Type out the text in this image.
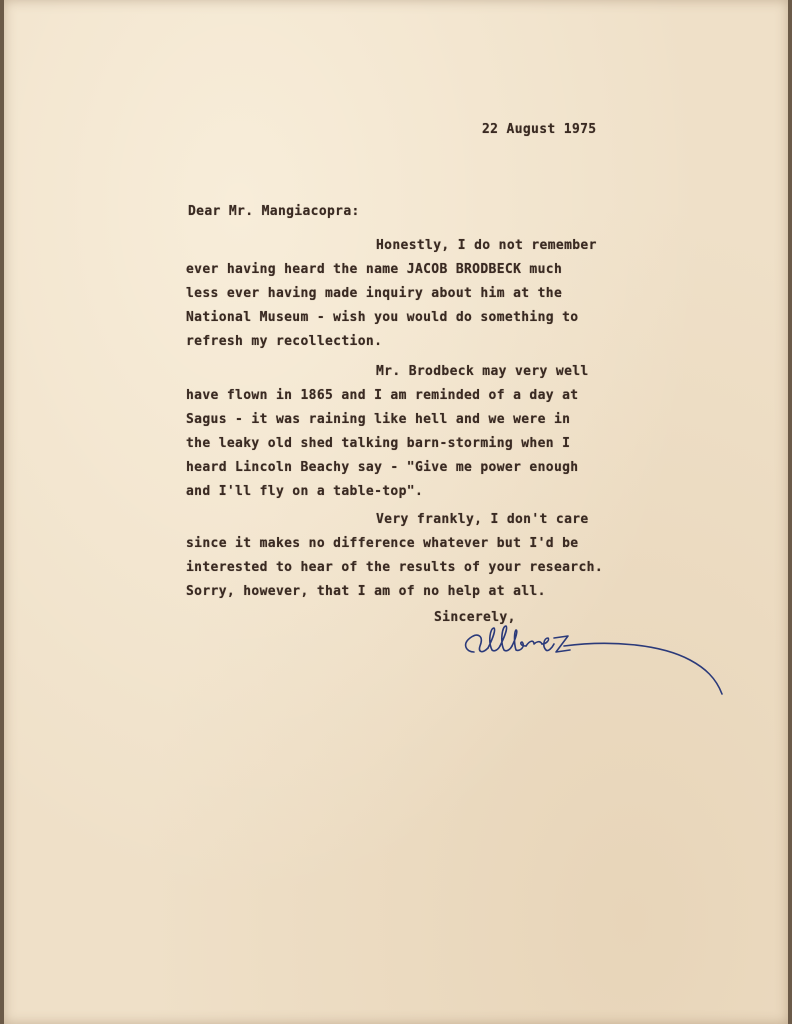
22 August 1975
Dear Mr. Mangiacopra:
Honestly, I do not remember
ever having heard the name JACOB BRODBECK much
less ever having made inquiry about him at the
National Museum - wish you would do something to
refresh my recollection.
Mr. Brodbeck may very well
have flown in 1865 and I am reminded of a day at
Sagus - it was raining like hell and we were in
the leaky old shed talking barn-storming when I
heard Lincoln Beachy say - "Give me power enough
and I'll fly on a table-top".
Very frankly, I don't care
since it makes no difference whatever but I'd be
interested to hear of the results of your research.
Sorry, however, that I am of no help at all.
Sincerely,
